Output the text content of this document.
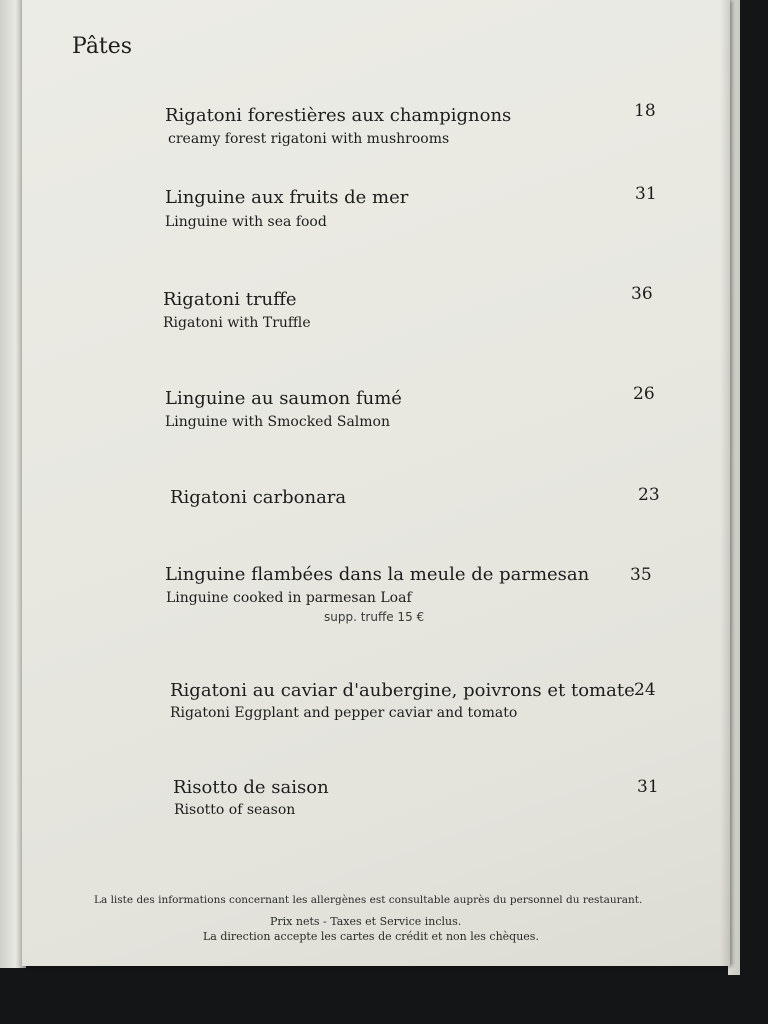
Pâtes
Rigatoni forestières aux champignons
creamy forest rigatoni with mushrooms
18
Linguine aux fruits de mer
Linguine with sea food
31
Rigatoni truffe
Rigatoni with Truffle
36
Linguine au saumon fumé
Linguine with Smocked Salmon
26
Rigatoni carbonara	23
Linguine flambées dans la meule de parmesan
Linguine cooked in parmesan Loaf
supp. truffe 15 €
35
Rigatoni au caviar d'aubergine, poivrons et tomate
Rigatoni Eggplant and pepper caviar and tomato
24
Risotto de saison
Risotto of season
31
La liste des informations concernant les allergènes est consultable auprès du personnel du restaurant.
Prix nets - Taxes et Service inclus.
La direction accepte les cartes de crédit et non les chèques.
